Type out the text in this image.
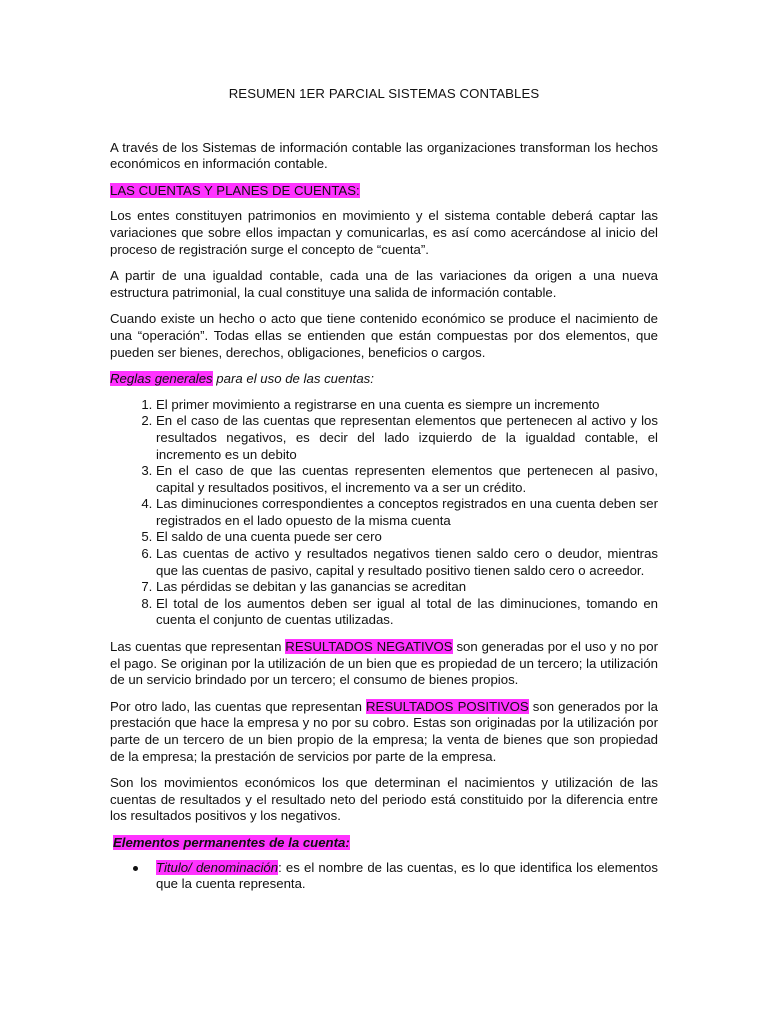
RESUMEN 1ER PARCIAL SISTEMAS CONTABLES

A través de los Sistemas de información contable las organizaciones transforman los hechos económicos en información contable.

LAS CUENTAS Y PLANES DE CUENTAS:

Los entes constituyen patrimonios en movimiento y el sistema contable deberá captar las variaciones que sobre ellos impactan y comunicarlas, es así como acercándose al inicio del proceso de registración surge el concepto de “cuenta”.

A partir de una igualdad contable, cada una de las variaciones da origen a una nueva estructura patrimonial, la cual constituye una salida de información contable.

Cuando existe un hecho o acto que tiene contenido económico se produce el nacimiento de una “operación”. Todas ellas se entienden que están compuestas por dos elementos, que pueden ser bienes, derechos, obligaciones, beneficios o cargos.

Reglas generales para el uso de las cuentas:
1. El primer movimiento a registrarse en una cuenta es siempre un incremento
2. En el caso de las cuentas que representan elementos que pertenecen al activo y los resultados negativos, es decir del lado izquierdo de la igualdad contable, el incremento es un debito
3. En el caso de que las cuentas representen elementos que pertenecen al pasivo, capital y resultados positivos, el incremento va a ser un crédito.
4. Las diminuciones correspondientes a conceptos registrados en una cuenta deben ser registrados en el lado opuesto de la misma cuenta
5. El saldo de una cuenta puede ser cero
6. Las cuentas de activo y resultados negativos tienen saldo cero o deudor, mientras que las cuentas de pasivo, capital y resultado positivo tienen saldo cero o acreedor.
7. Las pérdidas se debitan y las ganancias se acreditan
8. El total de los aumentos deben ser igual al total de las diminuciones, tomando en cuenta el conjunto de cuentas utilizadas.

Las cuentas que representan RESULTADOS NEGATIVOS son generadas por el uso y no por el pago. Se originan por la utilización de un bien que es propiedad de un tercero; la utilización de un servicio brindado por un tercero; el consumo de bienes propios.

Por otro lado, las cuentas que representan RESULTADOS POSITIVOS son generados por la prestación que hace la empresa y no por su cobro. Estas son originadas por la utilización por parte de un tercero de un bien propio de la empresa; la venta de bienes que son propiedad de la empresa; la prestación de servicios por parte de la empresa.

Son los movimientos económicos los que determinan el nacimientos y utilización de las cuentas de resultados y el resultado neto del periodo está constituido por la diferencia entre los resultados positivos y los negativos.

Elementos permanentes de la cuenta:
Titulo/ denominación: es el nombre de las cuentas, es lo que identifica los elementos que la cuenta representa.
